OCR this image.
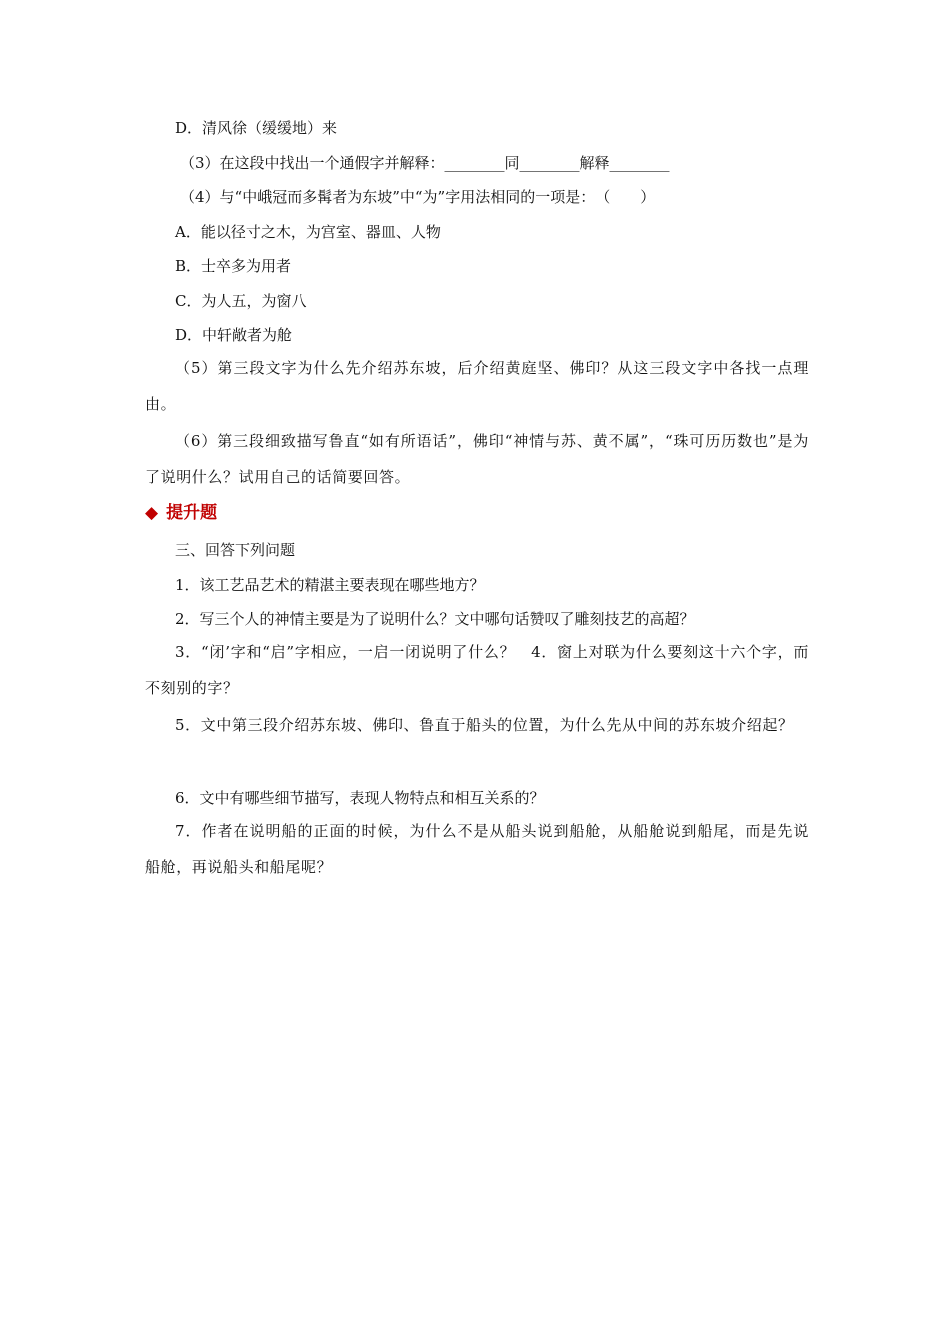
D．清风徐（缓缓地）来
（3）在这段中找出一个通假字并解释：________同________解释________
（4）与“中峨冠而多髯者为东坡”中“为”字用法相同的一项是：　（　　）
A．能以径寸之木，为宫室、器皿、人物
B．士卒多为用者
C．为人五，为窗八
D．中轩敞者为舱
（5）第三段文字为什么先介绍苏东坡，后介绍黄庭坚、佛印？从这三段文字中各找一点理由。
（6）第三段细致描写鲁直“如有所语话”，佛印“神情与苏、黄不属”，“珠可历历数也”是为了说明什么？试用自己的话简要回答。
◆ 提升题
三、回答下列问题
1．该工艺品艺术的精湛主要表现在哪些地方？
2．写三个人的神情主要是为了说明什么？文中哪句话赞叹了雕刻技艺的高超？
3．“闭’字和“启”字相应，一启一闭说明了什么？　4．窗上对联为什么要刻这十六个字，而不刻别的字？
5．文中第三段介绍苏东坡、佛印、鲁直于船头的位置，为什么先从中间的苏东坡介绍起？
6．文中有哪些细节描写，表现人物特点和相互关系的？
7．作者在说明船的正面的时候，为什么不是从船头说到船舱，从船舱说到船尾，而是先说船舱，再说船头和船尾呢？
